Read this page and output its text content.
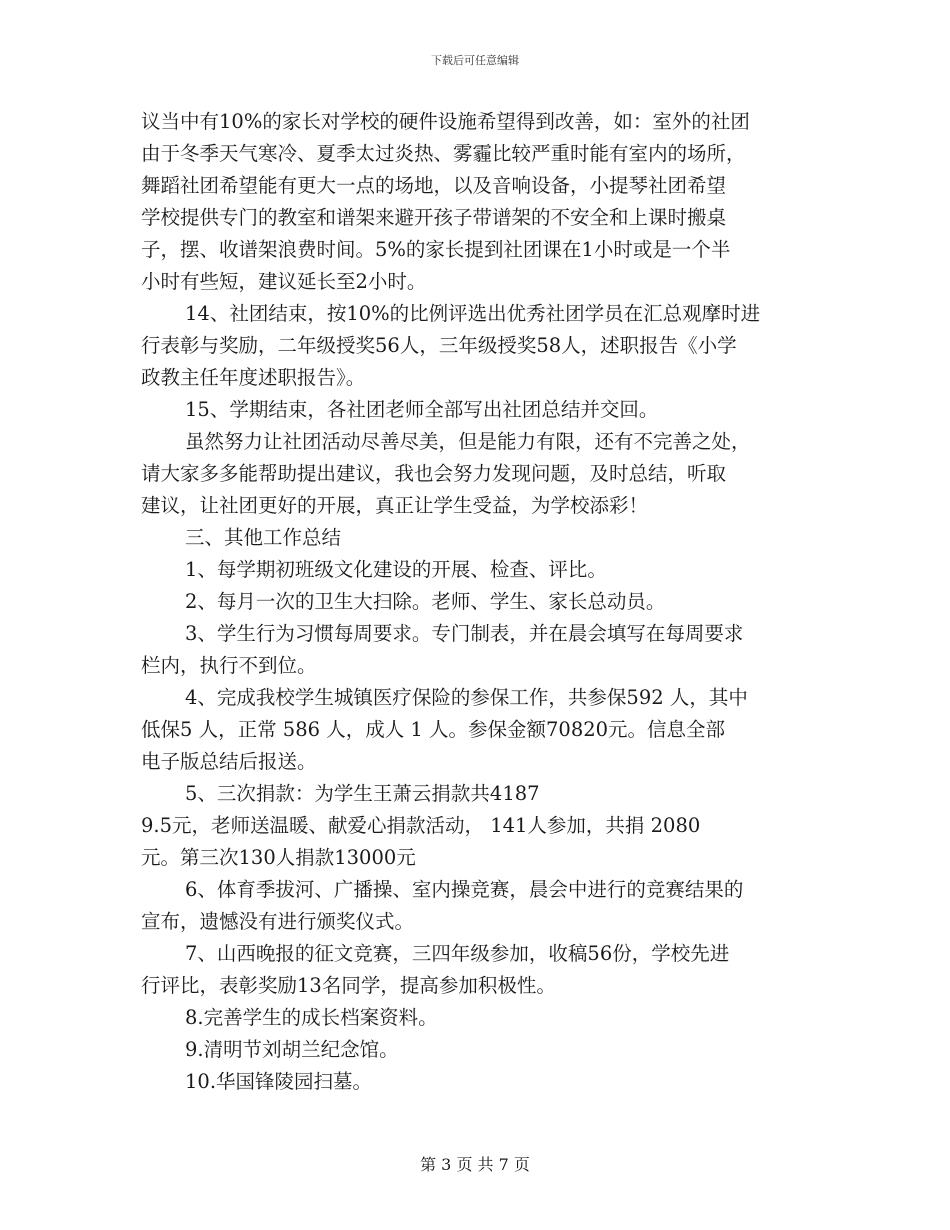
下载后可任意编辑
议当中有10%的家长对学校的硬件设施希望得到改善，如：室外的社团
由于冬季天气寒冷、夏季太过炎热、雾霾比较严重时能有室内的场所，
舞蹈社团希望能有更大一点的场地，以及音响设备，小提琴社团希望
学校提供专门的教室和谱架来避开孩子带谱架的不安全和上课时搬桌
子，摆、收谱架浪费时间。5%的家长提到社团课在1小时或是一个半
小时有些短，建议延长至2小时。
14、社团结束，按10%的比例评选出优秀社团学员在汇总观摩时进
行表彰与奖励，二年级授奖56人，三年级授奖58人，述职报告《小学
政教主任年度述职报告》。
15、学期结束，各社团老师全部写出社团总结并交回。
虽然努力让社团活动尽善尽美，但是能力有限，还有不完善之处，
请大家多多能帮助提出建议，我也会努力发现问题，及时总结，听取
建议，让社团更好的开展，真正让学生受益，为学校添彩！
三、其他工作总结
1、每学期初班级文化建设的开展、检查、评比。
2、每月一次的卫生大扫除。老师、学生、家长总动员。
3、学生行为习惯每周要求。专门制表，并在晨会填写在每周要求
栏内，执行不到位。
4、完成我校学生城镇医疗保险的参保工作，共参保592 人，其中
低保5 人，正常 586 人，成人 1 人。参保金额70820元。信息全部
电子版总结后报送。
5、三次捐款：为学生王萧云捐款共4187
9.5元，老师送温暖、献爱心捐款活动， 141人参加，共捐 2080
元。第三次130人捐款13000元
6、体育季拔河、广播操、室内操竞赛，晨会中进行的竞赛结果的
宣布，遗憾没有进行颁奖仪式。
7、山西晚报的征文竞赛，三四年级参加，收稿56份，学校先进
行评比，表彰奖励13名同学，提高参加积极性。
8.完善学生的成长档案资料。
9.清明节刘胡兰纪念馆。
10.华国锋陵园扫墓。
第 3 页 共 7 页
